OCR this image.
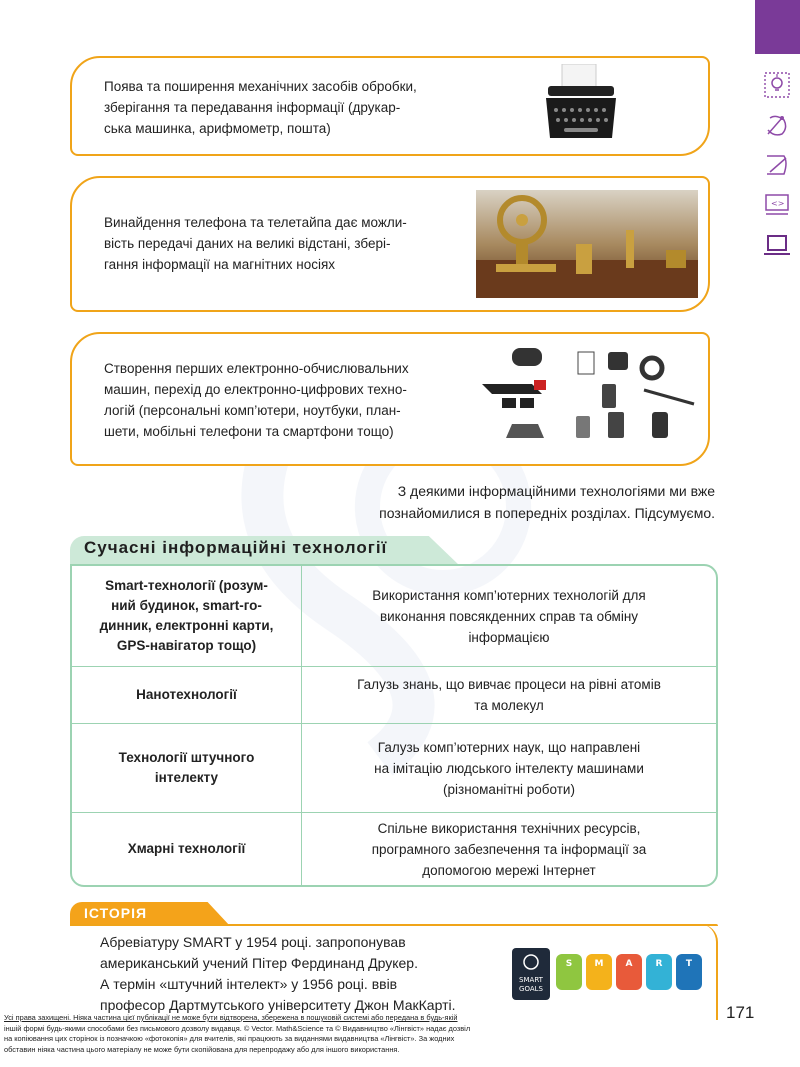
<>
Поява та поширення механічних засобів обробки,
зберігання та передавання інформації (друкар-
ська машинка, арифмометр, пошта)
Винайдення телефона та телетайпа дає можли-
вість передачі даних на великі відстані, збері-
гання інформації на магнітних носіях
Створення перших електронно-обчислювальних
машин, перехід до електронно-цифрових техно-
логій (персональні комп’ютери, ноутбуки, план-
шети, мобільні телефони та смартфони тощо)
З деякими інформаційними технологіями ми вже
познайомилися в попередніх розділах. Підсумуємо.
Сучасні інформаційні технології
Smart-технології (розум-
ний будинок, smart-го-
динник, електронні карти,
GPS-навігатор тощо)
Використання комп’ютерних технологій для
виконання повсякденних справ та обміну
інформацією
Нанотехнології
Галузь знань, що вивчає процеси на рівні атомів
та молекул
Технології штучного
інтелекту
Галузь комп’ютерних наук, що направлені
на імітацію людського інтелекту машинами
(різноманітні роботи)
Хмарні технології
Спільне використання технічних ресурсів,
програмного забезпечення та інформації за
допомогою мережі Інтернет
ІСТОРІЯ
Абревіатуру SMART у 1954 році. запропонував
американський учений Пітер Фердинанд Друкер.
А термін «штучний інтелект» у 1956 році. ввів
професор Дартмутського університету Джон МакКарті.
SMART
GOALS
S M A	R	T
171
Усі права захищені. Ніяка частина цієї публікації не може бути відтворена, збережена в пошуковій системі або передана в будь-якій
іншій формі будь-якими способами без письмового дозволу видавця. © Vector. Math&Science та © Видавництво «Лінгвіст» надає дозвіл
на копіювання цих сторінок із позначкою «фотокопія» для вчителів, які працюють за виданнями видавництва «Лінгвіст». За жодних
обставин ніяка частина цього матеріалу не може бути скопійована для перепродажу або для іншого використання.
